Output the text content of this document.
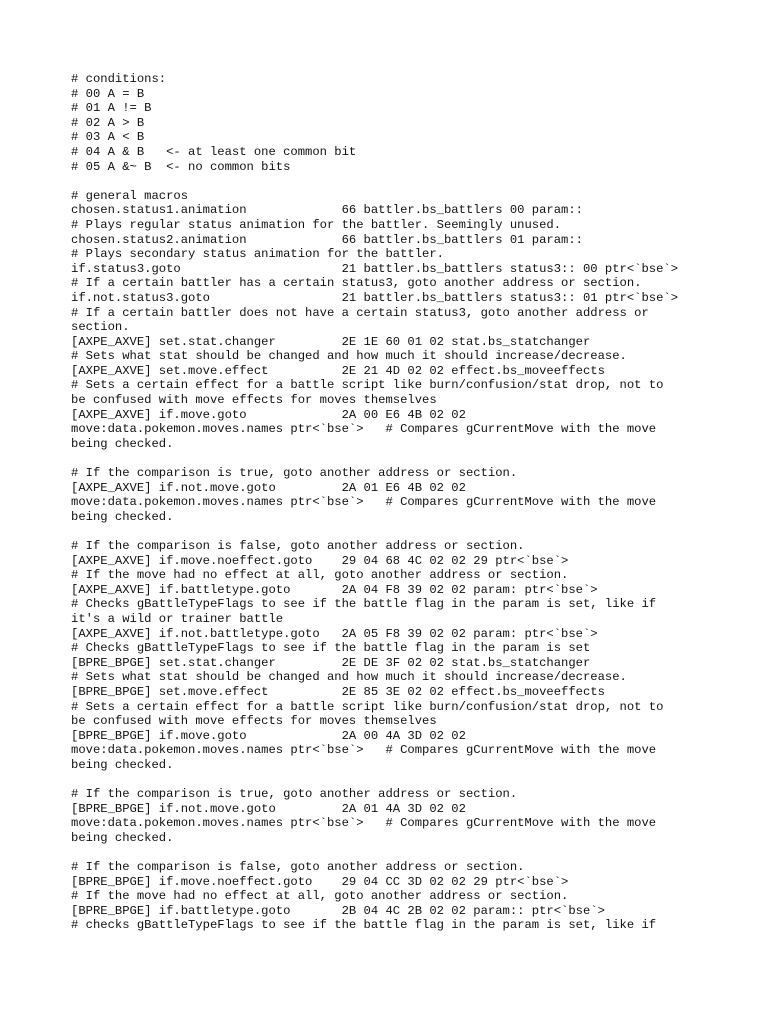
# conditions:
# 00 A = B
# 01 A != B
# 02 A > B
# 03 A < B
# 04 A & B   <- at least one common bit
# 05 A &~ B  <- no common bits
# general macros
chosen.status1.animation             66 battler.bs_battlers 00 param::
# Plays regular status animation for the battler. Seemingly unused.
chosen.status2.animation             66 battler.bs_battlers 01 param::
# Plays secondary status animation for the battler.
if.status3.goto                      21 battler.bs_battlers status3:: 00 ptr<`bse`>
# If a certain battler has a certain status3, goto another address or section.
if.not.status3.goto                  21 battler.bs_battlers status3:: 01 ptr<`bse`>
# If a certain battler does not have a certain status3, goto another address or
section.
[AXPE_AXVE] set.stat.changer         2E 1E 60 01 02 stat.bs_statchanger
# Sets what stat should be changed and how much it should increase/decrease.
[AXPE_AXVE] set.move.effect          2E 21 4D 02 02 effect.bs_moveeffects
# Sets a certain effect for a battle script like burn/confusion/stat drop, not to
be confused with move effects for moves themselves
[AXPE_AXVE] if.move.goto             2A 00 E6 4B 02 02
move:data.pokemon.moves.names ptr<`bse`>   # Compares gCurrentMove with the move
being checked.
# If the comparison is true, goto another address or section.
[AXPE_AXVE] if.not.move.goto         2A 01 E6 4B 02 02
move:data.pokemon.moves.names ptr<`bse`>   # Compares gCurrentMove with the move
being checked.
# If the comparison is false, goto another address or section.
[AXPE_AXVE] if.move.noeffect.goto    29 04 68 4C 02 02 29 ptr<`bse`>
# If the move had no effect at all, goto another address or section.
[AXPE_AXVE] if.battletype.goto       2A 04 F8 39 02 02 param: ptr<`bse`>
# Checks gBattleTypeFlags to see if the battle flag in the param is set, like if
it's a wild or trainer battle
[AXPE_AXVE] if.not.battletype.goto   2A 05 F8 39 02 02 param: ptr<`bse`>
# Checks gBattleTypeFlags to see if the battle flag in the param is set
[BPRE_BPGE] set.stat.changer         2E DE 3F 02 02 stat.bs_statchanger
# Sets what stat should be changed and how much it should increase/decrease.
[BPRE_BPGE] set.move.effect          2E 85 3E 02 02 effect.bs_moveeffects
# Sets a certain effect for a battle script like burn/confusion/stat drop, not to
be confused with move effects for moves themselves
[BPRE_BPGE] if.move.goto             2A 00 4A 3D 02 02
move:data.pokemon.moves.names ptr<`bse`>   # Compares gCurrentMove with the move
being checked.
# If the comparison is true, goto another address or section.
[BPRE_BPGE] if.not.move.goto         2A 01 4A 3D 02 02
move:data.pokemon.moves.names ptr<`bse`>   # Compares gCurrentMove with the move
being checked.
# If the comparison is false, goto another address or section.
[BPRE_BPGE] if.move.noeffect.goto    29 04 CC 3D 02 02 29 ptr<`bse`>
# If the move had no effect at all, goto another address or section.
[BPRE_BPGE] if.battletype.goto       2B 04 4C 2B 02 02 param:: ptr<`bse`>
# checks gBattleTypeFlags to see if the battle flag in the param is set, like if
